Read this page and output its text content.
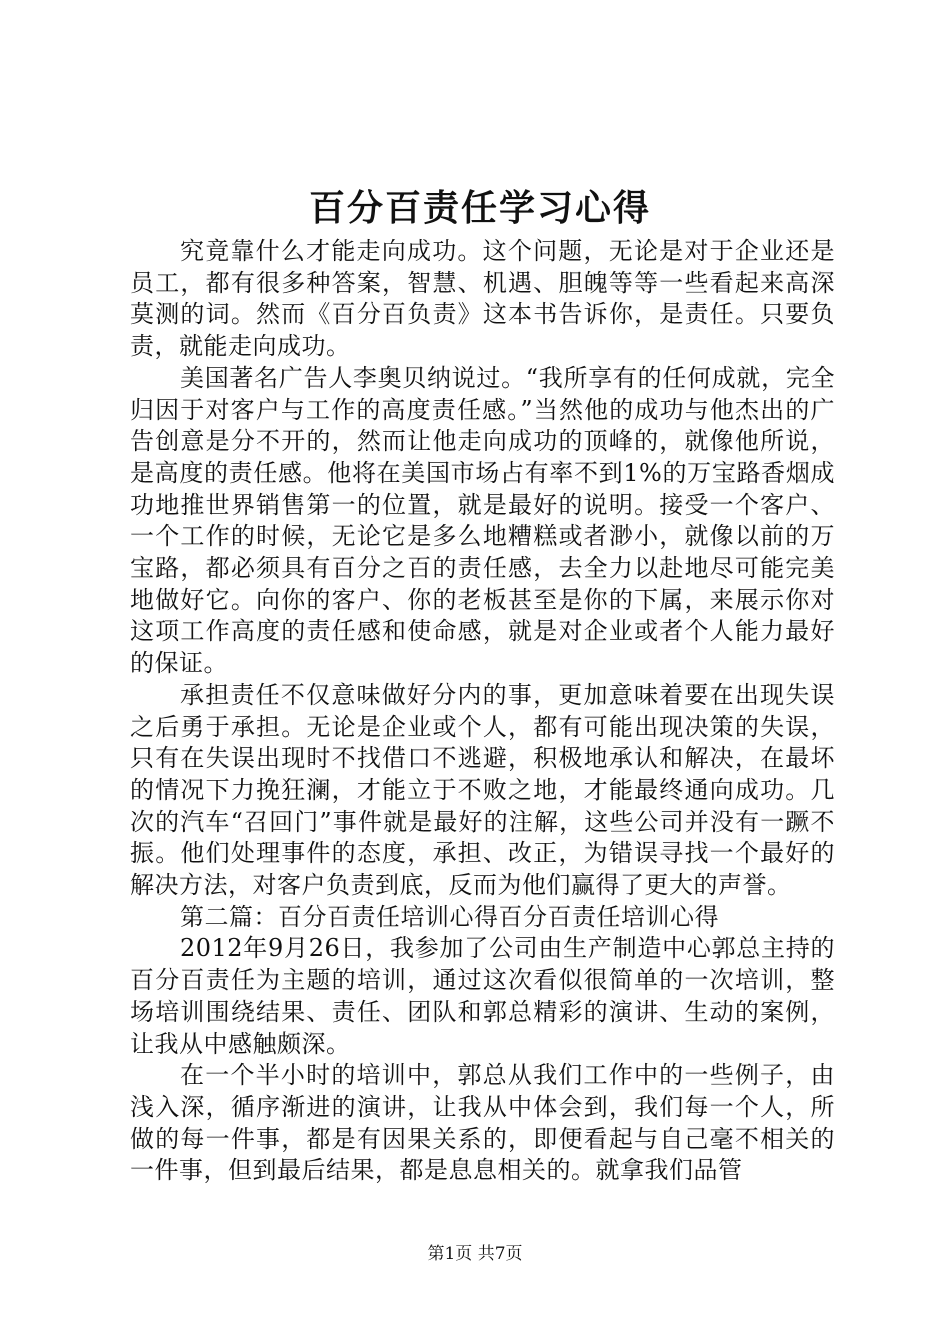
百分百责任学习心得

究竟靠什么才能走向成功。这个问题，无论是对于企业还是员工，都有很多种答案，智慧、机遇、胆魄等等一些看起来高深莫测的词。然而《百分百负责》这本书告诉你，是责任。只要负责，就能走向成功。

美国著名广告人李奥贝纳说过。“我所享有的任何成就，完全归因于对客户与工作的高度责任感。”当然他的成功与他杰出的广告创意是分不开的，然而让他走向成功的顶峰的，就像他所说，是高度的责任感。他将在美国市场占有率不到1%的万宝路香烟成功地推世界销售第一的位置，就是最好的说明。接受一个客户、一个工作的时候，无论它是多么地糟糕或者渺小，就像以前的万宝路，都必须具有百分之百的责任感，去全力以赴地尽可能完美地做好它。向你的客户、你的老板甚至是你的下属，来展示你对这项工作高度的责任感和使命感，就是对企业或者个人能力最好的保证。

承担责任不仅意味做好分内的事，更加意味着要在出现失误之后勇于承担。无论是企业或个人，都有可能出现决策的失误，只有在失误出现时不找借口不逃避，积极地承认和解决，在最坏的情况下力挽狂澜，才能立于不败之地，才能最终通向成功。几次的汽车“召回门”事件就是最好的注解，这些公司并没有一蹶不振。他们处理事件的态度，承担、改正，为错误寻找一个最好的解决方法，对客户负责到底，反而为他们赢得了更大的声誉。

第二篇：百分百责任培训心得百分百责任培训心得

2012年9月26日，我参加了公司由生产制造中心郭总主持的百分百责任为主题的培训，通过这次看似很简单的一次培训，整场培训围绕结果、责任、团队和郭总精彩的演讲、生动的案例，让我从中感触颇深。

在一个半小时的培训中，郭总从我们工作中的一些例子，由浅入深，循序渐进的演讲，让我从中体会到，我们每一个人，所做的每一件事，都是有因果关系的，即便看起与自己毫不相关的一件事，但到最后结果，都是息息相关的。就拿我们品管

第1页 共7页
